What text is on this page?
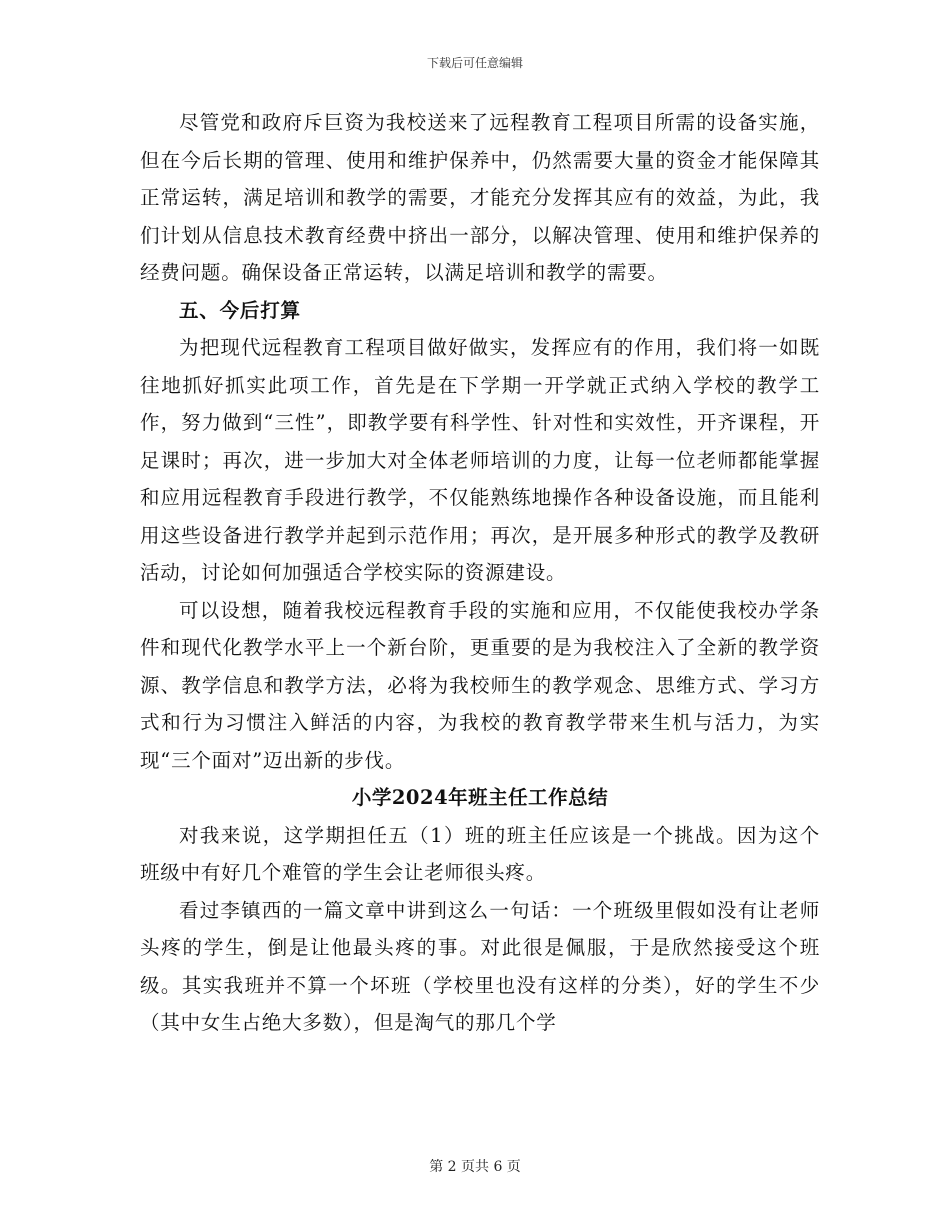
下载后可任意编辑

尽管党和政府斥巨资为我校送来了远程教育工程项目所需的设备实施，但在今后长期的管理、使用和维护保养中，仍然需要大量的资金才能保障其正常运转，满足培训和教学的需要，才能充分发挥其应有的效益，为此，我们计划从信息技术教育经费中挤出一部分，以解决管理、使用和维护保养的经费问题。确保设备正常运转，以满足培训和教学的需要。

五、今后打算

为把现代远程教育工程项目做好做实，发挥应有的作用，我们将一如既往地抓好抓实此项工作，首先是在下学期一开学就正式纳入学校的教学工作，努力做到“三性”，即教学要有科学性、针对性和实效性，开齐课程，开足课时；再次，进一步加大对全体老师培训的力度，让每一位老师都能掌握和应用远程教育手段进行教学，不仅能熟练地操作各种设备设施，而且能利用这些设备进行教学并起到示范作用；再次，是开展多种形式的教学及教研活动，讨论如何加强适合学校实际的资源建设。

可以设想，随着我校远程教育手段的实施和应用，不仅能使我校办学条件和现代化教学水平上一个新台阶，更重要的是为我校注入了全新的教学资源、教学信息和教学方法，必将为我校师生的教学观念、思维方式、学习方式和行为习惯注入鲜活的内容，为我校的教育教学带来生机与活力，为实现“三个面对”迈出新的步伐。

小学2024年班主任工作总结

对我来说，这学期担任五（1）班的班主任应该是一个挑战。因为这个班级中有好几个难管的学生会让老师很头疼。

看过李镇西的一篇文章中讲到这么一句话：一个班级里假如没有让老师头疼的学生，倒是让他最头疼的事。对此很是佩服，于是欣然接受这个班级。其实我班并不算一个坏班（学校里也没有这样的分类），好的学生不少（其中女生占绝大多数），但是淘气的那几个学

第 2 页共 6 页
